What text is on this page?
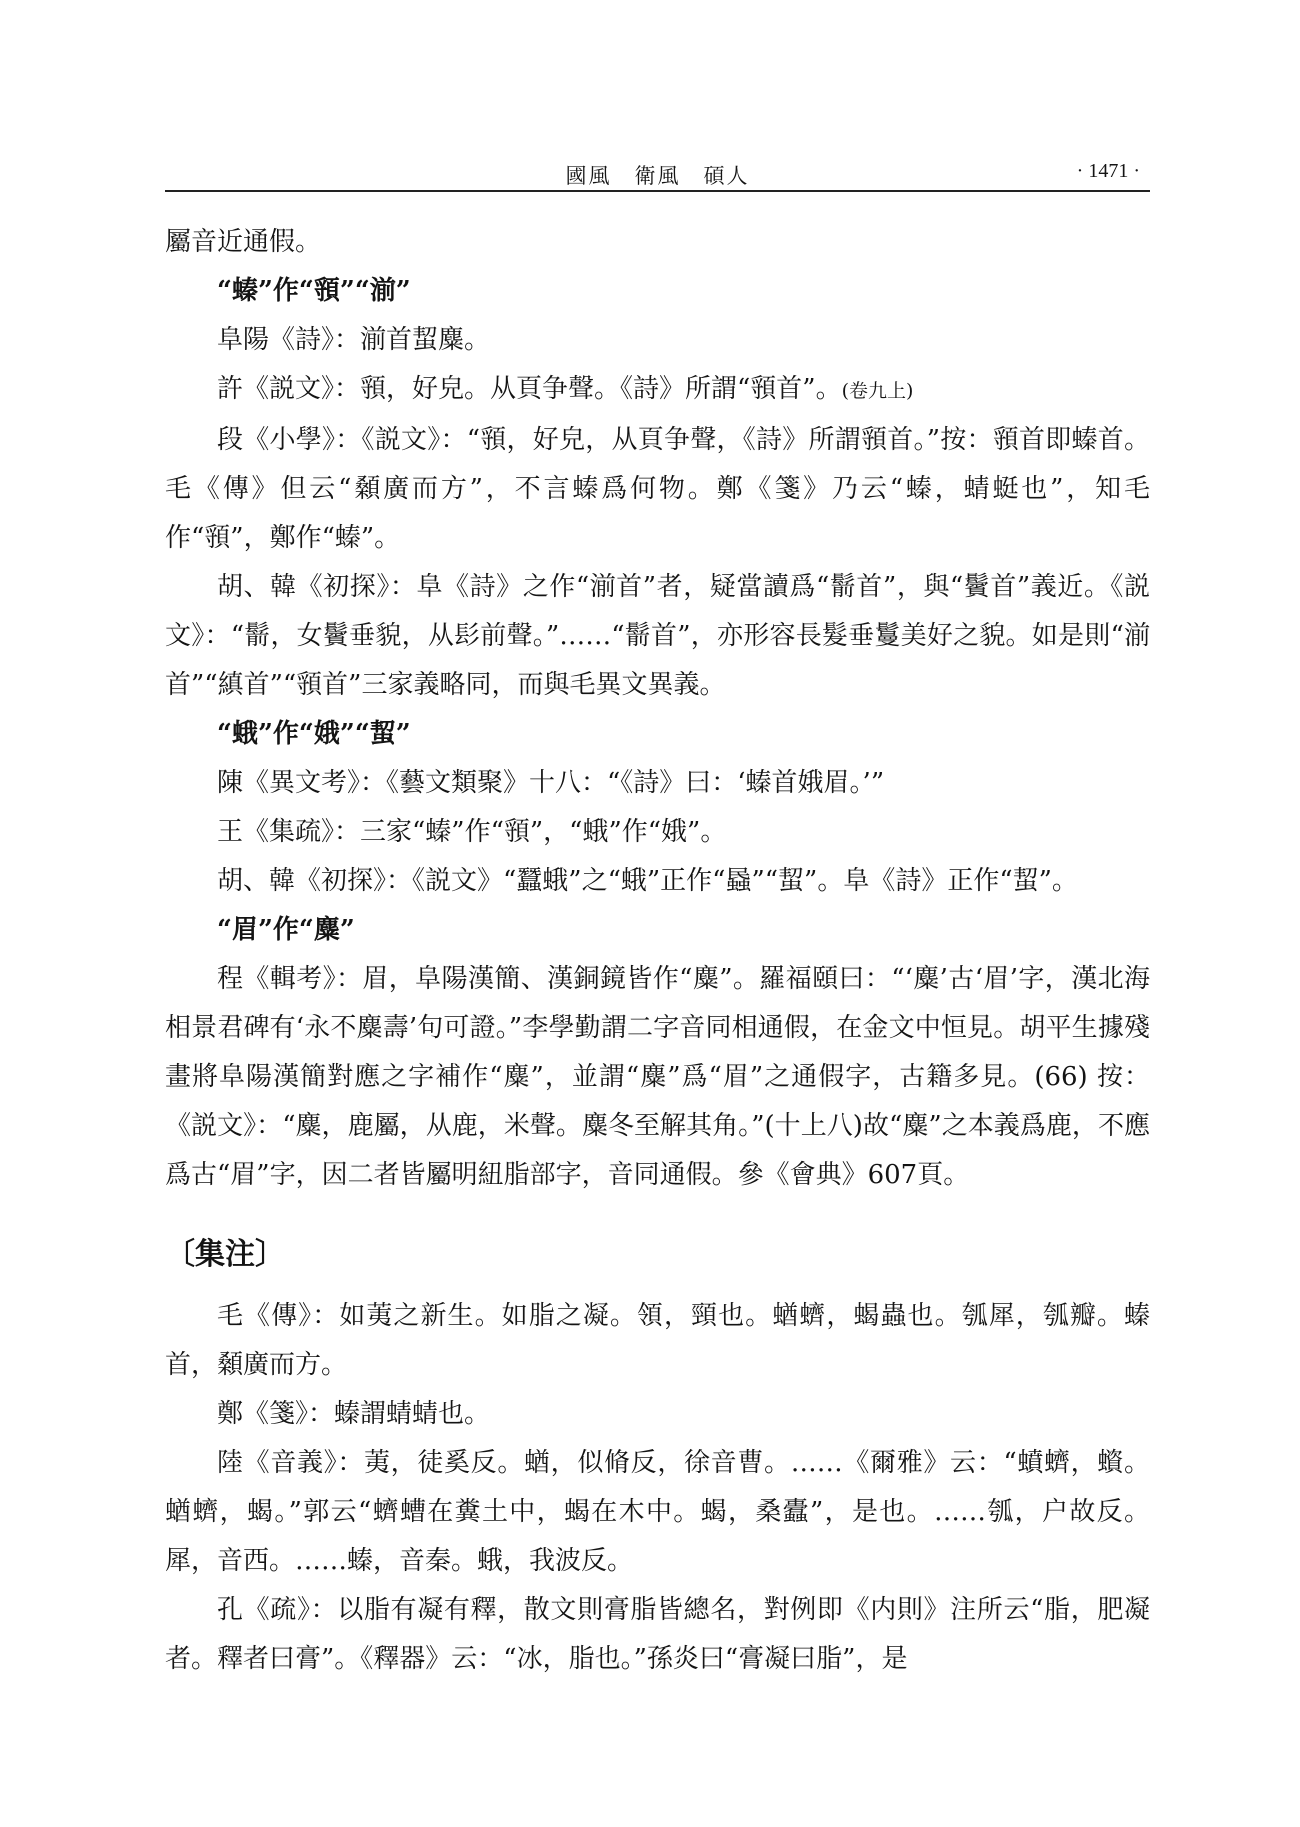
國風　衛風　碩人	· 1471 ·

屬音近通假。

“螓”作“頱”“湔”

阜陽《詩》：湔首蛪麋。

許《説文》：頱，好皃。从頁争聲。《詩》所謂“頱首”。(卷九上)

段《小學》：《説文》：“頱，好皃，从頁争聲，《詩》所謂頱首。”按：頱首即螓首。毛《傳》但云“顙廣而方”，不言螓爲何物。鄭《箋》乃云“螓，蜻蜓也”，知毛作“頱”，鄭作“螓”。

胡、韓《初探》：阜《詩》之作“湔首”者，疑當讀爲“鬋首”，與“鬢首”義近。《説文》：“鬋，女鬢垂貌，从髟前聲。”……“鬋首”，亦形容長髮垂鬘美好之貌。如是則“湔首”“縝首”“頱首”三家義略同，而與毛異文異義。

“蛾”作“娥”“蛪”

陳《異文考》：《藝文類聚》十八：“《詩》曰：‘螓首娥眉。’”

王《集疏》：三家“螓”作“頱”，“蛾”作“娥”。

胡、韓《初探》：《説文》“蠶蛾”之“蛾”正作“蟁”“蛪”。阜《詩》正作“蛪”。

“眉”作“麋”

程《輯考》：眉，阜陽漢簡、漢銅鏡皆作“麋”。羅福頤曰：“‘麋’古‘眉’字，漢北海相景君碑有‘永不麋壽’句可證。”李學勤謂二字音同相通假，在金文中恒見。胡平生據殘畫將阜陽漢簡對應之字補作“麋”，並謂“麋”爲“眉”之通假字，古籍多見。(66) 按：《説文》：“麋，鹿屬，从鹿，米聲。麋冬至解其角。”(十上八)故“麋”之本義爲鹿，不應爲古“眉”字，因二者皆屬明紐脂部字，音同通假。參《會典》607頁。

〔集注〕

毛《傳》：如荑之新生。如脂之凝。領，頸也。蝤蠐，蝎蟲也。瓠犀，瓠瓣。螓首，顙廣而方。

鄭《箋》：螓謂蜻蜻也。

陸《音義》：荑，徒奚反。蝤，似脩反，徐音曹。……《爾雅》云：“蟦蠐，蠀。蝤蠐，蝎。”郭云“蠐螬在糞土中，蝎在木中。蝎，桑蠹”，是也。……瓠，户故反。犀，音西。……螓，音秦。蛾，我波反。

孔《疏》：以脂有凝有釋，散文則膏脂皆總名，對例即《内則》注所云“脂，肥凝者。釋者曰膏”。《釋器》云：“冰，脂也。”孫炎曰“膏凝曰脂”，是
